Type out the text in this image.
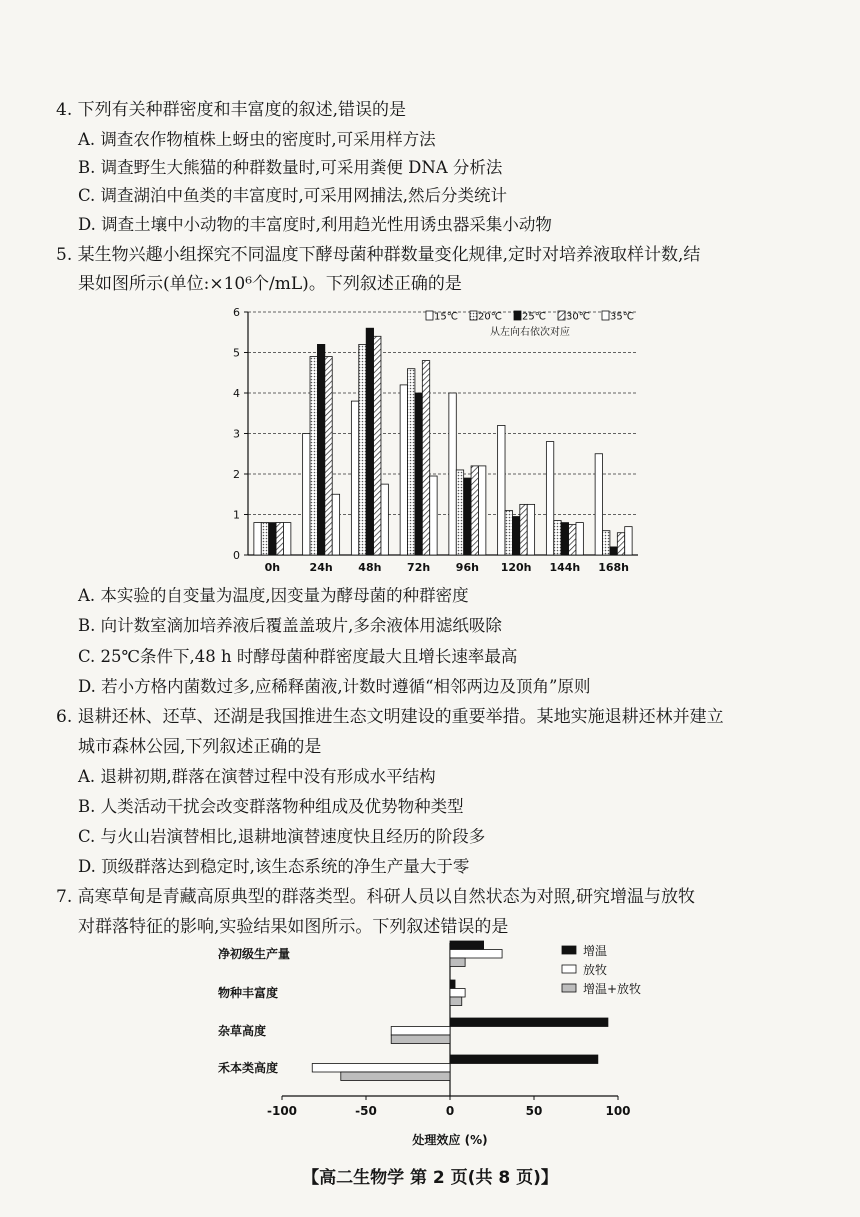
4. 下列有关种群密度和丰富度的叙述,错误的是
A. 调查农作物植株上蚜虫的密度时,可采用样方法
B. 调查野生大熊猫的种群数量时,可采用粪便 DNA 分析法
C. 调查湖泊中鱼类的丰富度时,可采用网捕法,然后分类统计
D. 调查土壤中小动物的丰富度时,利用趋光性用诱虫器采集小动物
5. 某生物兴趣小组探究不同温度下酵母菌种群数量变化规律,定时对培养液取样计数,结
果如图所示(单位:×10⁶个/mL)。下列叙述正确的是
0
1
2
3
4
5
6
0h	24h 48h 72h 96h 120h 144h 168h
15℃ 20℃ 25℃ 30℃ 35℃
从左向右依次对应
A. 本实验的自变量为温度,因变量为酵母菌的种群密度
B. 向计数室滴加培养液后覆盖盖玻片,多余液体用滤纸吸除
C. 25℃条件下,48 h 时酵母菌种群密度最大且增长速率最高
D. 若小方格内菌数过多,应稀释菌液,计数时遵循“相邻两边及顶角”原则
6. 退耕还林、还草、还湖是我国推进生态文明建设的重要举措。某地实施退耕还林并建立
城市森林公园,下列叙述正确的是
A. 退耕初期,群落在演替过程中没有形成水平结构
B. 人类活动干扰会改变群落物种组成及优势物种类型
C. 与火山岩演替相比,退耕地演替速度快且经历的阶段多
D. 顶级群落达到稳定时,该生态系统的净生产量大于零
7. 高寒草甸是青藏高原典型的群落类型。科研人员以自然状态为对照,研究增温与放牧
对群落特征的影响,实验结果如图所示。下列叙述错误的是
-100	-50	0	50	100
处理效应 (%)
净初级生产量
物种丰富度
杂草高度
禾本类高度
增温
放牧
增温+放牧
【高二生物学 第 2 页(共 8 页)】
